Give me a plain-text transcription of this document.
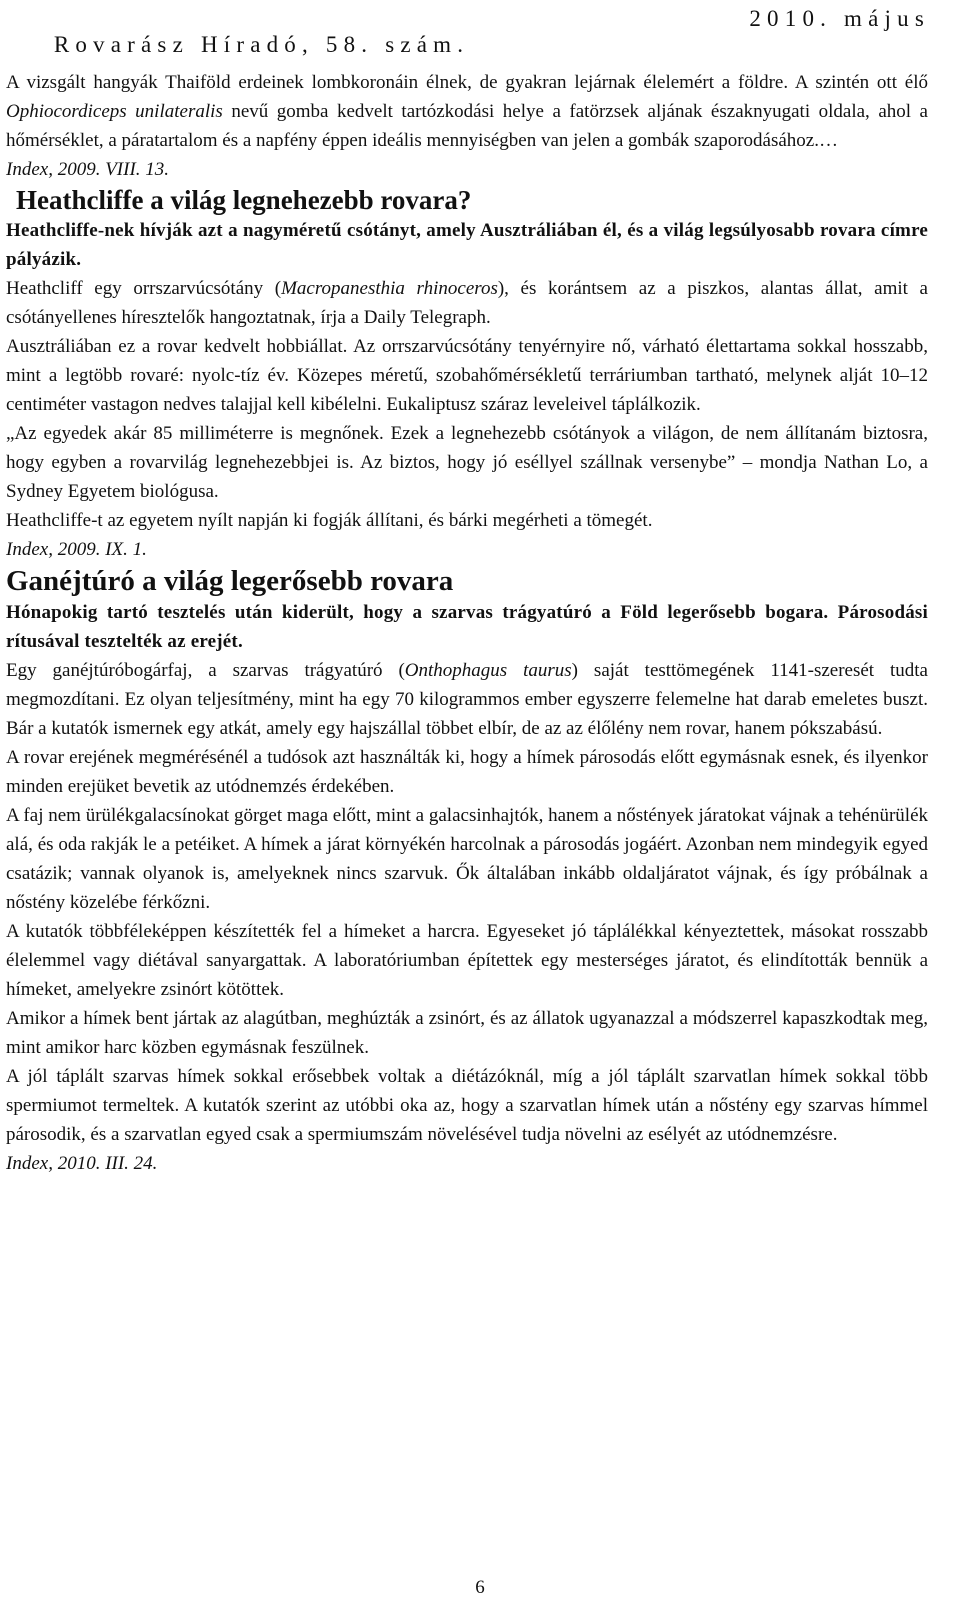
Rovarász Híradó, 58. szám.

2010. május

A vizsgált hangyák Thaiföld erdeinek lombkoronáin élnek, de gyakran lejárnak élelemért a földre. A szintén ott élő Ophiocordiceps unilateralis nevű gomba kedvelt tartózkodási helye a fatörzsek aljának északnyugati oldala, ahol a hőmérséklet, a páratartalom és a napfény éppen ideális mennyiségben van jelen a gombák szaporodásához.…

Index, 2009. VIII. 13.

Heathcliffe a világ legnehezebb rovara?

Heathcliffe-nek hívják azt a nagyméretű csótányt, amely Ausztráliában él, és a világ legsúlyosabb rovara címre pályázik.

Heathcliff egy orrszarvúcsótány (Macropanesthia rhinoceros), és korántsem az a piszkos, alantas állat, amit a csótányellenes híresztelők hangoztatnak, írja a Daily Telegraph.

Ausztráliában ez a rovar kedvelt hobbiállat. Az orrszarvúcsótány tenyérnyire nő, várható élettartama sokkal hosszabb, mint a legtöbb rovaré: nyolc-tíz év. Közepes méretű, szobahőmérsékletű terráriumban tartható, melynek alját 10–12 centiméter vastagon nedves talajjal kell kibélelni. Eukaliptusz száraz leveleivel táplálkozik.

„Az egyedek akár 85 milliméterre is megnőnek. Ezek a legnehezebb csótányok a világon, de nem állítanám biztosra, hogy egyben a rovarvilág legnehezebbjei is. Az biztos, hogy jó eséllyel szállnak versenybe” – mondja Nathan Lo, a Sydney Egyetem biológusa.

Heathcliffe-t az egyetem nyílt napján ki fogják állítani, és bárki megérheti a tömegét.

Index, 2009. IX. 1.

Ganéjtúró a világ legerősebb rovara

Hónapokig tartó tesztelés után kiderült, hogy a szarvas trágyatúró a Föld legerősebb bogara. Párosodási rítusával tesztelték az erejét.

Egy ganéjtúróbogárfaj, a szarvas trágyatúró (Onthophagus taurus) saját testtömegének 1141-szeresét tudta megmozdítani. Ez olyan teljesítmény, mint ha egy 70 kilogrammos ember egyszerre felemelne hat darab emeletes buszt. Bár a kutatók ismernek egy atkát, amely egy hajszállal többet elbír, de az az élőlény nem rovar, hanem pókszabású.

A rovar erejének megmérésénél a tudósok azt használták ki, hogy a hímek párosodás előtt egymásnak esnek, és ilyenkor minden erejüket bevetik az utódnemzés érdekében.

A faj nem ürülékgalacsínokat görget maga előtt, mint a galacsinhajtók, hanem a nőstények járatokat vájnak a tehénürülék alá, és oda rakják le a petéiket. A hímek a járat környékén harcolnak a párosodás jogáért. Azonban nem mindegyik egyed csatázik; vannak olyanok is, amelyeknek nincs szarvuk. Ők általában inkább oldaljáratot vájnak, és így próbálnak a nőstény közelébe férkőzni.

A kutatók többféleképpen készítették fel a hímeket a harcra. Egyeseket jó táplálékkal kényeztettek, másokat rosszabb élelemmel vagy diétával sanyargattak. A laboratóriumban építettek egy mesterséges járatot, és elindították bennük a hímeket, amelyekre zsinórt kötöttek.

Amikor a hímek bent jártak az alagútban, meghúzták a zsinórt, és az állatok ugyanazzal a módszerrel kapaszkodtak meg, mint amikor harc közben egymásnak feszülnek.

A jól táplált szarvas hímek sokkal erősebbek voltak a diétázóknál, míg a jól táplált szarvatlan hímek sokkal több spermiumot termeltek. A kutatók szerint az utóbbi oka az, hogy a szarvatlan hímek után a nőstény egy szarvas hímmel párosodik, és a szarvatlan egyed csak a spermiumszám növelésével tudja növelni az esélyét az utódnemzésre.

Index, 2010. III. 24.

6
